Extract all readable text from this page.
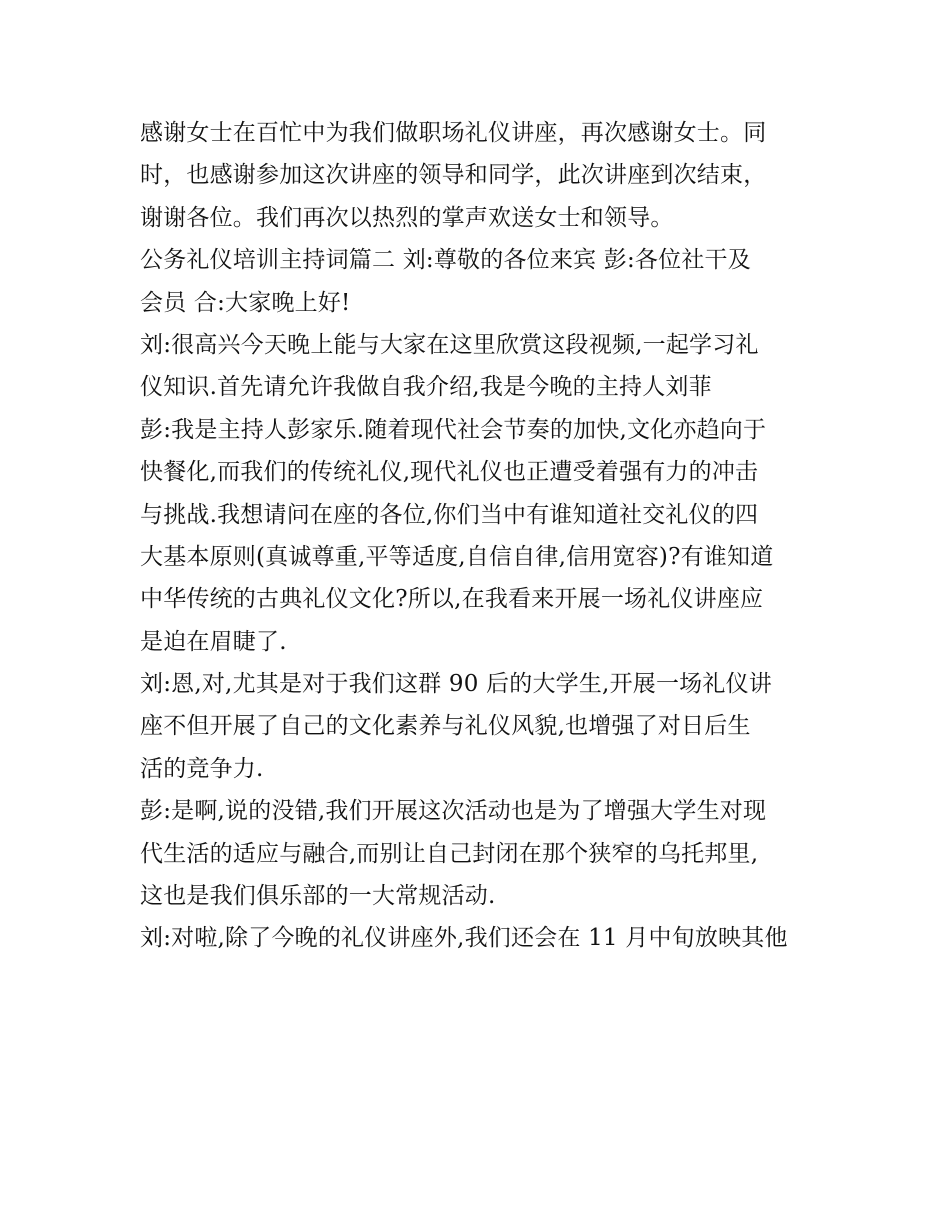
感谢女士在百忙中为我们做职场礼仪讲座，再次感谢女士。同
时，也感谢参加这次讲座的领导和同学，此次讲座到次结束，
谢谢各位。我们再次以热烈的掌声欢送女士和领导。
公务礼仪培训主持词篇二 刘:尊敬的各位来宾 彭:各位社干及
会员 合:大家晚上好!
刘:很高兴今天晚上能与大家在这里欣赏这段视频,一起学习礼
仪知识.首先请允许我做自我介绍,我是今晚的主持人刘菲
彭:我是主持人彭家乐.随着现代社会节奏的加快,文化亦趋向于
快餐化,而我们的传统礼仪,现代礼仪也正遭受着强有力的冲击
与挑战.我想请问在座的各位,你们当中有谁知道社交礼仪的四
大基本原则(真诚尊重,平等适度,自信自律,信用宽容)?有谁知道
中华传统的古典礼仪文化?所以,在我看来开展一场礼仪讲座应
是迫在眉睫了.
刘:恩,对,尤其是对于我们这群 90 后的大学生,开展一场礼仪讲
座不但开展了自己的文化素养与礼仪风貌,也增强了对日后生
活的竞争力.
彭:是啊,说的没错,我们开展这次活动也是为了增强大学生对现
代生活的适应与融合,而别让自己封闭在那个狭窄的乌托邦里,
这也是我们俱乐部的一大常规活动.
刘:对啦,除了今晚的礼仪讲座外,我们还会在 11 月中旬放映其他
